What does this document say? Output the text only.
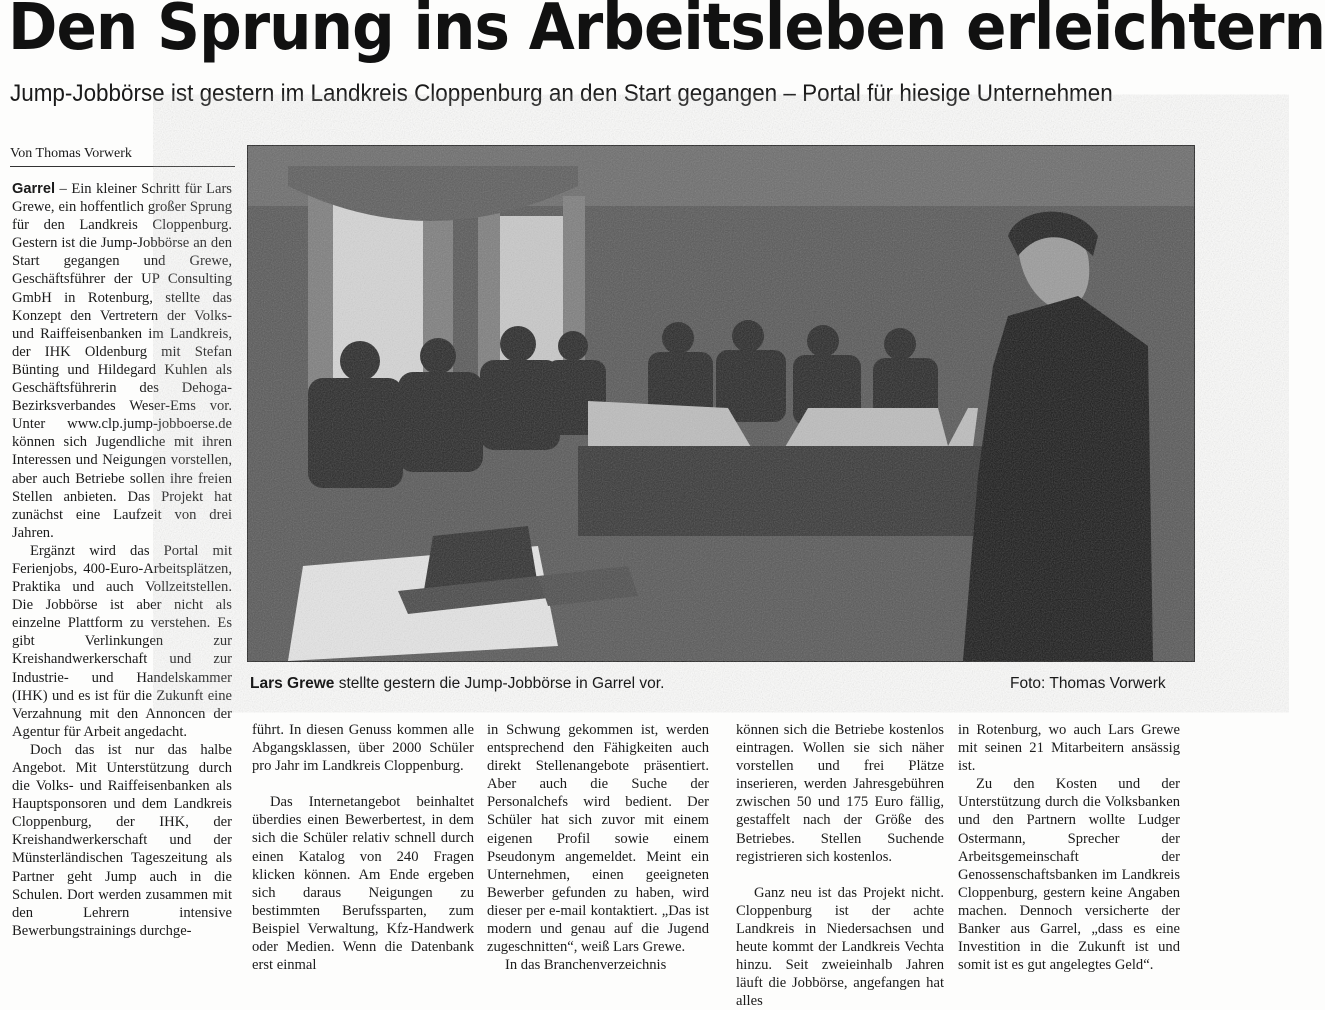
Den Sprung ins Arbeitsleben erleichtern
Jump-Jobbörse ist gestern im Landkreis Cloppenburg an den Start gegangen – Portal für hiesige Unternehmen
Von Thomas Vorwerk

Garrel – Ein kleiner Schritt für Lars Grewe, ein hoffentlich großer Sprung für den Landkreis Cloppenburg. Gestern ist die Jump-Jobbörse an den Start gegangen und Grewe, Geschäftsführer der UP Consulting GmbH in Rotenburg, stellte das Konzept den Vertretern der Volks- und Raiffeisenbanken im Landkreis, der IHK Oldenburg mit Stefan Bünting und Hildegard Kuhlen als Geschäftsführerin des Dehoga-Bezirksverbandes Weser-Ems vor. Unter www.clp.jump-jobboerse.de können sich Jugendliche mit ihren Interessen und Neigungen vorstellen, aber auch Betriebe sollen ihre freien Stellen anbieten. Das Projekt hat zunächst eine Laufzeit von drei Jahren.

Ergänzt wird das Portal mit Ferienjobs, 400-Euro-Arbeitsplätzen, Praktika und auch Vollzeitstellen. Die Jobbörse ist aber nicht als einzelne Plattform zu verstehen. Es gibt Verlinkungen zur Kreishandwerkerschaft und zur Industrie- und Handelskammer (IHK) und es ist für die Zukunft eine Verzahnung mit den Annoncen der Agentur für Arbeit angedacht.

Doch das ist nur das halbe Angebot. Mit Unterstützung durch die Volks- und Raiffeisenbanken als Hauptsponsoren und dem Landkreis Cloppenburg, der IHK, der Kreishandwerkerschaft und der Münsterländischen Tageszeitung als Partner geht Jump auch in die Schulen. Dort werden zusammen mit den Lehrern intensive Bewerbungstrainings durchge-

Lars Grewe stellte gestern die Jump-Jobbörse in Garrel vor.	Foto: Thomas Vorwerk

führt. In diesen Genuss kommen alle Abgangsklassen, über 2000 Schüler pro Jahr im Landkreis Cloppenburg.

Das Internetangebot beinhaltet überdies einen Bewerbertest, in dem sich die Schüler relativ schnell durch einen Katalog von 240 Fragen klicken können. Am Ende ergeben sich daraus Neigungen zu bestimmten Berufssparten, zum Beispiel Verwaltung, Kfz-Handwerk oder Medien. Wenn die Datenbank erst einmal

in Schwung gekommen ist, werden entsprechend den Fähigkeiten auch direkt Stellenangebote präsentiert. Aber auch die Suche der Personalchefs wird bedient. Der Schüler hat sich zuvor mit einem eigenen Profil sowie einem Pseudonym angemeldet. Meint ein Unternehmen, einen geeigneten Bewerber gefunden zu haben, wird dieser per e-mail kontaktiert. „Das ist modern und genau auf die Jugend zugeschnitten“, weiß Lars Grewe.

In das Branchenverzeichnis

können sich die Betriebe kostenlos eintragen. Wollen sie sich näher vorstellen und frei Plätze inserieren, werden Jahresgebühren zwischen 50 und 175 Euro fällig, gestaffelt nach der Größe des Betriebes. Stellen Suchende registrieren sich kostenlos.

Ganz neu ist das Projekt nicht. Cloppenburg ist der achte Landkreis in Niedersachsen und heute kommt der Landkreis Vechta hinzu. Seit zweieinhalb Jahren läuft die Jobbörse, angefangen hat alles

in Rotenburg, wo auch Lars Grewe mit seinen 21 Mitarbeitern ansässig ist.

Zu den Kosten und der Unterstützung durch die Volksbanken und den Partnern wollte Ludger Ostermann, Sprecher der Arbeitsgemeinschaft der Genossenschaftsbanken im Landkreis Cloppenburg, gestern keine Angaben machen. Dennoch versicherte der Banker aus Garrel, „dass es eine Investition in die Zukunft ist und somit ist es gut angelegtes Geld“.
